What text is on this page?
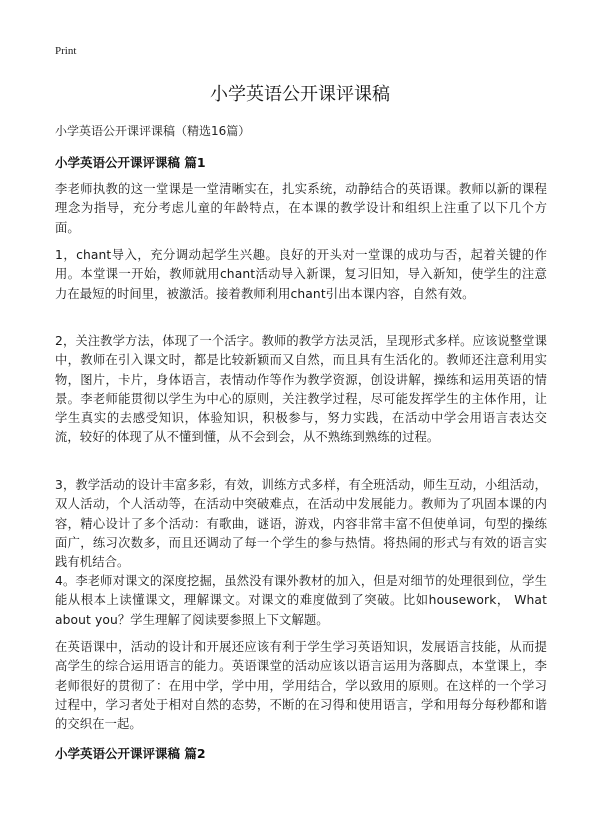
Print
小学英语公开课评课稿
小学英语公开课评课稿（精选16篇）
小学英语公开课评课稿 篇1
李老师执教的这一堂课是一堂清晰实在，扎实系统，动静结合的英语课。教师以新的课程理念为指导，充分考虑儿童的年龄特点，在本课的教学设计和组织上注重了以下几个方面。
1，chant导入，充分调动起学生兴趣。良好的开头对一堂课的成功与否，起着关键的作用。本堂课一开始，教师就用chant活动导入新课，复习旧知，导入新知，使学生的注意力在最短的时间里，被激活。接着教师利用chant引出本课内容，自然有效。
2，关注教学方法，体现了一个活字。教师的教学方法灵活，呈现形式多样。应该说整堂课中，教师在引入课文时，都是比较新颖而又自然，而且具有生活化的。教师还注意利用实物，图片，卡片，身体语言，表情动作等作为教学资源，创设讲解，操练和运用英语的情景。李老师能贯彻以学生为中心的原则，关注教学过程，尽可能发挥学生的主体作用，让学生真实的去感受知识，体验知识，积极参与，努力实践，在活动中学会用语言表达交流，较好的体现了从不懂到懂，从不会到会，从不熟练到熟练的过程。
3，教学活动的设计丰富多彩，有效，训练方式多样，有全班活动，师生互动，小组活动，双人活动，个人活动等，在活动中突破难点，在活动中发展能力。教师为了巩固本课的内容，精心设计了多个活动：有歌曲，谜语，游戏，内容非常丰富不但使单词，句型的操练面广，练习次数多，而且还调动了每一个学生的参与热情。将热闹的形式与有效的语言实践有机结合。
4。李老师对课文的深度挖掘，虽然没有课外教材的加入，但是对细节的处理很到位，学生能从根本上读懂课文，理解课文。对课文的难度做到了突破。比如housework， What about you？学生理解了阅读要参照上下文解题。
在英语课中，活动的设计和开展还应该有利于学生学习英语知识，发展语言技能，从而提高学生的综合运用语言的能力。英语课堂的活动应该以语言运用为落脚点，本堂课上，李老师很好的贯彻了：在用中学，学中用，学用结合，学以致用的原则。在这样的一个学习过程中，学习者处于相对自然的态势，不断的在习得和使用语言，学和用每分每秒都和谐的交织在一起。
小学英语公开课评课稿 篇2
